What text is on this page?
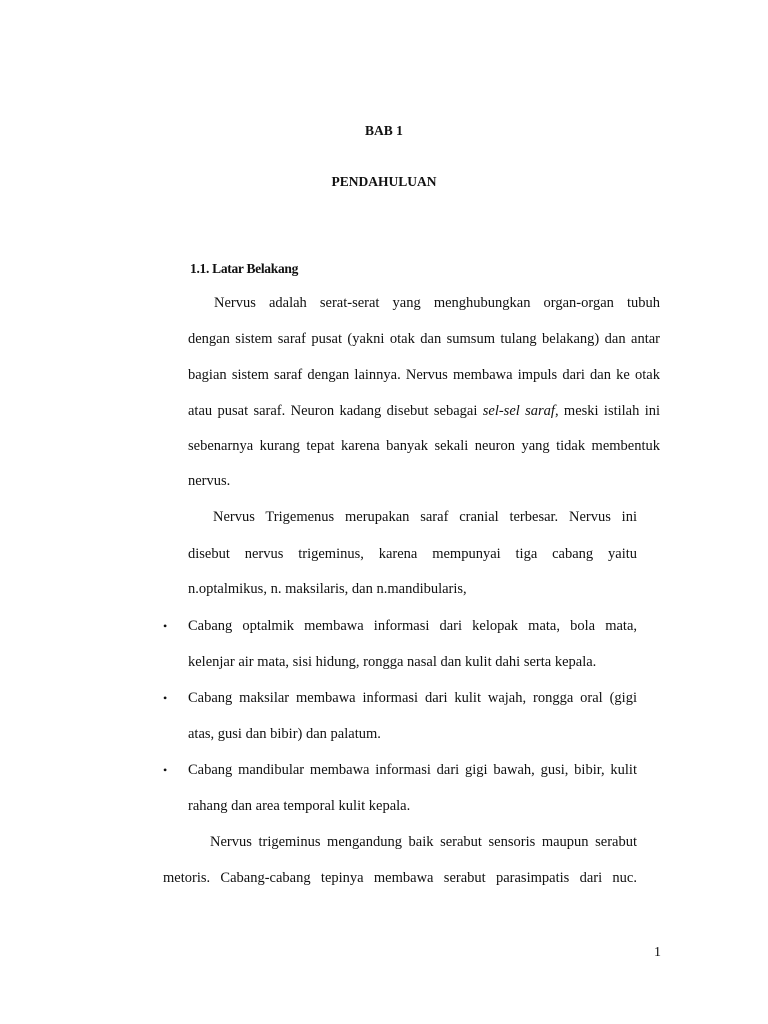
BAB 1
PENDAHULUAN
1.1. Latar Belakang
Nervus adalah serat-serat yang menghubungkan organ-organ tubuh
dengan sistem saraf pusat (yakni otak dan sumsum tulang belakang) dan antar
bagian sistem saraf dengan lainnya. Nervus membawa impuls dari dan ke otak
atau pusat saraf. Neuron kadang disebut sebagai sel-sel saraf, meski istilah ini
sebenarnya kurang tepat karena banyak sekali neuron yang tidak membentuk
nervus.
Nervus Trigemenus merupakan saraf cranial terbesar. Nervus ini
disebut nervus trigeminus, karena mempunyai tiga cabang yaitu
n.optalmikus, n. maksilaris, dan n.mandibularis,
• Cabang optalmik membawa informasi dari kelopak mata, bola mata,
kelenjar air mata, sisi hidung, rongga nasal dan kulit dahi serta kepala.
• Cabang maksilar membawa informasi dari kulit wajah, rongga oral (gigi
atas, gusi dan bibir) dan palatum.
• Cabang mandibular membawa informasi dari gigi bawah, gusi, bibir, kulit
rahang dan area temporal kulit kepala.
Nervus trigeminus mengandung baik serabut sensoris maupun serabut
metoris. Cabang-cabang tepinya membawa serabut parasimpatis dari nuc.
1
